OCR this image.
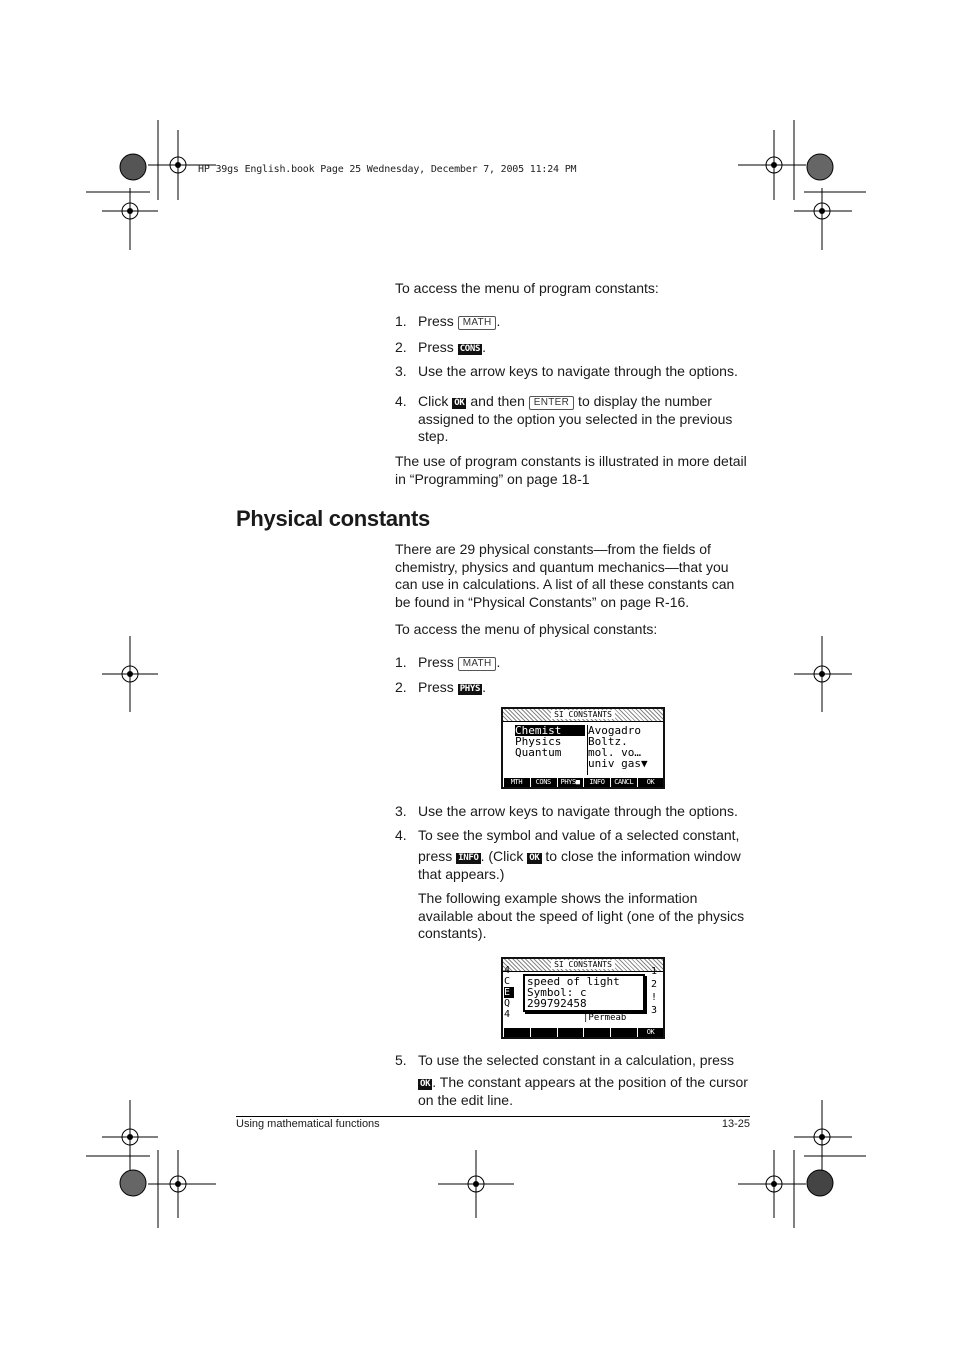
HP 39gs English.book Page 25 Wednesday, December 7, 2005 11:24 PM
To access the menu of program constants:
1. Press MATH .
2. Press CONS .
3. Use the arrow keys to navigate through the options.
4. Click OK and then ENTER to display the number assigned to the option you selected in the previous step.
The use of program constants is illustrated in more detail in “Programming” on page 18-1
Physical constants
There are 29 physical constants—from the fields of chemistry, physics and quantum mechanics—that you can use in calculations. A list of all these constants can be found in “Physical Constants” on page R-16.
To access the menu of physical constants:
1. Press MATH .
2. Press PHYS .
SI CONSTANTS
Chemist
Physics
Quantum
Avogadro
Boltz.
mol. vo…
univ gas▼
MTH	CONS	PHYS■	INFO	CANCL	OK
3. Use the arrow keys to navigate through the options.
4. To see the symbol and value of a selected constant,
press INFO . (Click OK to close the information window that appears.)
The following example shows the information available about the speed of light (one of the physics constants).
SI CONSTANTS
4
C
E
Q
4
1
2
!
3
speed of light
Symbol: c
299792458
|Permeab
OK
5. To use the selected constant in a calculation, press
OK . The constant appears at the position of the cursor on the edit line.
Using mathematical functions	13-25
